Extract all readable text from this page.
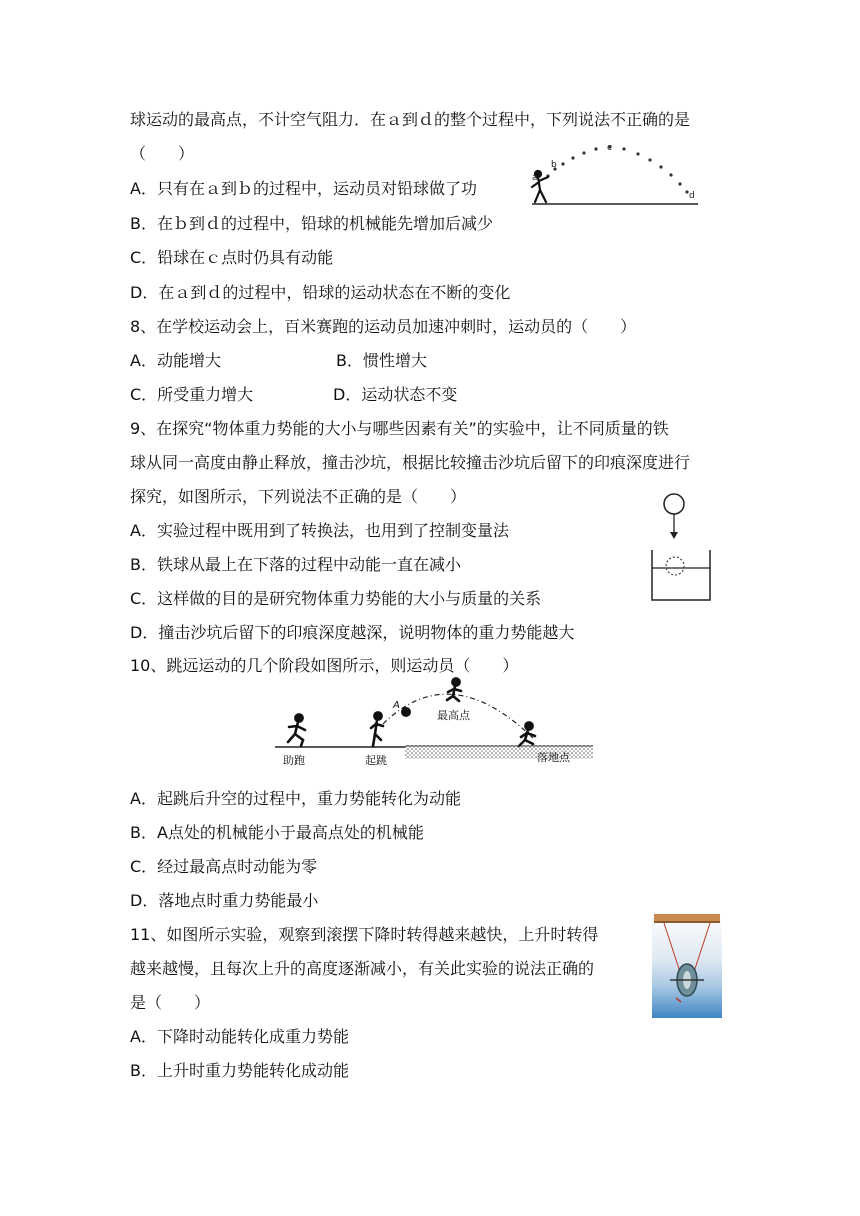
球运动的最高点，不计空气阻力．在ａ到ｄ的整个过程中，下列说法不正确的是
（　　）
A．只有在ａ到ｂ的过程中，运动员对铅球做了功
B．在ｂ到ｄ的过程中，铅球的机械能先增加后减少
C．铅球在ｃ点时仍具有动能
D．在ａ到ｄ的过程中，铅球的运动状态在不断的变化
a
b
c
d
8、在学校运动会上，百米赛跑的运动员加速冲刺时，运动员的（　　）
A．动能增大	B．惯性增大
C．所受重力增大	D．运动状态不变
9、在探究“物体重力势能的大小与哪些因素有关”的实验中，让不同质量的铁
球从同一高度由静止释放，撞击沙坑，根据比较撞击沙坑后留下的印痕深度进行
探究，如图所示，下列说法不正确的是（　　）
A．实验过程中既用到了转换法，也用到了控制变量法
B．铁球从最上在下落的过程中动能一直在减小
C．这样做的目的是研究物体重力势能的大小与质量的关系
D．撞击沙坑后留下的印痕深度越深，说明物体的重力势能越大
10、跳远运动的几个阶段如图所示，则运动员（　　）
A
最高点
助跑	起跳	落地点
A．起跳后升空的过程中，重力势能转化为动能
B．A点处的机械能小于最高点处的机械能
C．经过最高点时动能为零
D．落地点时重力势能最小
11、如图所示实验，观察到滚摆下降时转得越来越快，上升时转得
越来越慢，且每次上升的高度逐渐减小，有关此实验的说法正确的
是（　　）
A．下降时动能转化成重力势能
B．上升时重力势能转化成动能
